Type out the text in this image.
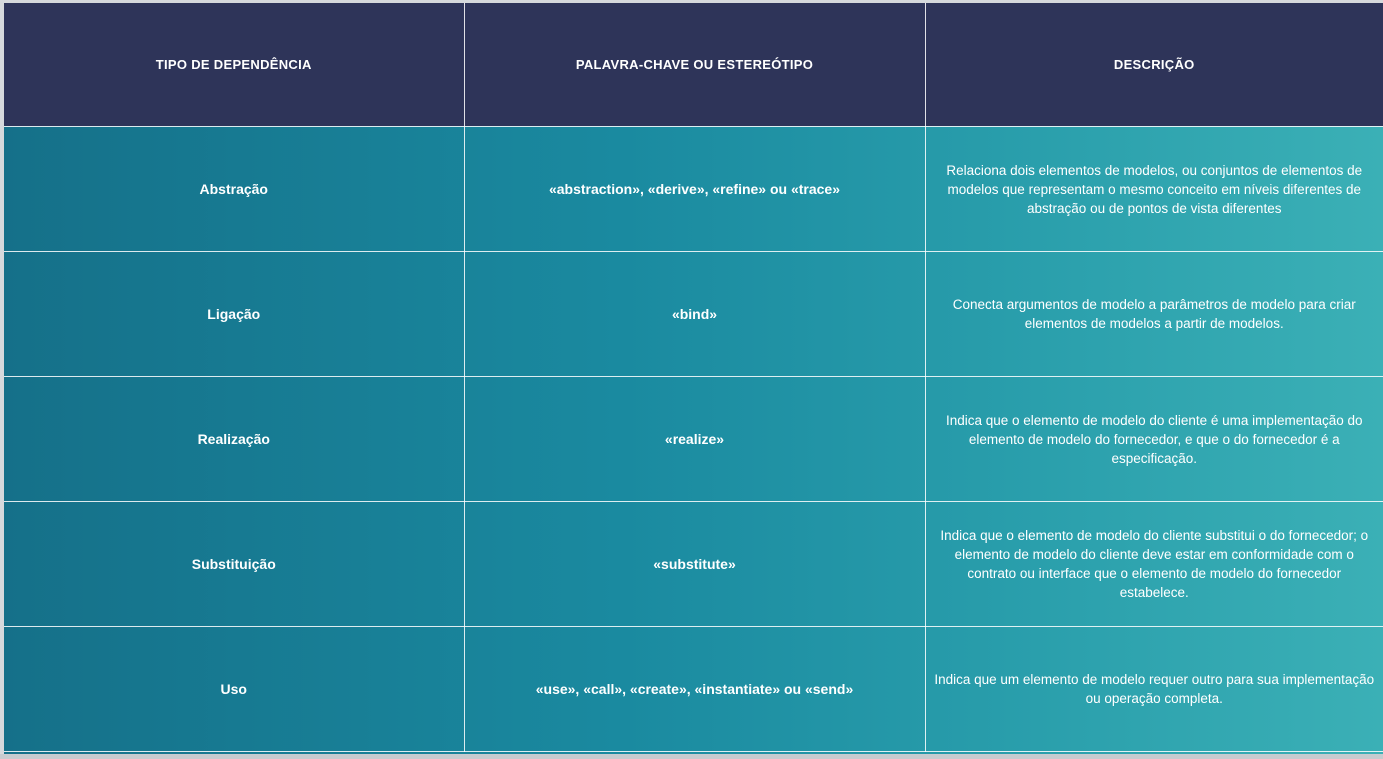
TIPO DE DEPENDÊNCIA	PALAVRA-CHAVE OU ESTEREÓTIPO	DESCRIÇÃO
Abstração	«abstraction», «derive», «refine» ou «trace»	Relaciona dois elementos de modelos, ou conjuntos de elementos de modelos que representam o mesmo conceito em níveis diferentes de abstração ou de pontos de vista diferentes
Ligação	«bind»	Conecta argumentos de modelo a parâmetros de modelo para criar elementos de modelos a partir de modelos.
Realização	«realize»	Indica que o elemento de modelo do cliente é uma implementação do elemento de modelo do fornecedor, e que o do fornecedor é a especificação.
Substituição	«substitute»	Indica que o elemento de modelo do cliente substitui o do fornecedor; o elemento de modelo do cliente deve estar em conformidade com o contrato ou interface que o elemento de modelo do fornecedor estabelece.
Uso	«use», «call», «create», «instantiate» ou «send»	Indica que um elemento de modelo requer outro para sua implementação ou operação completa.
